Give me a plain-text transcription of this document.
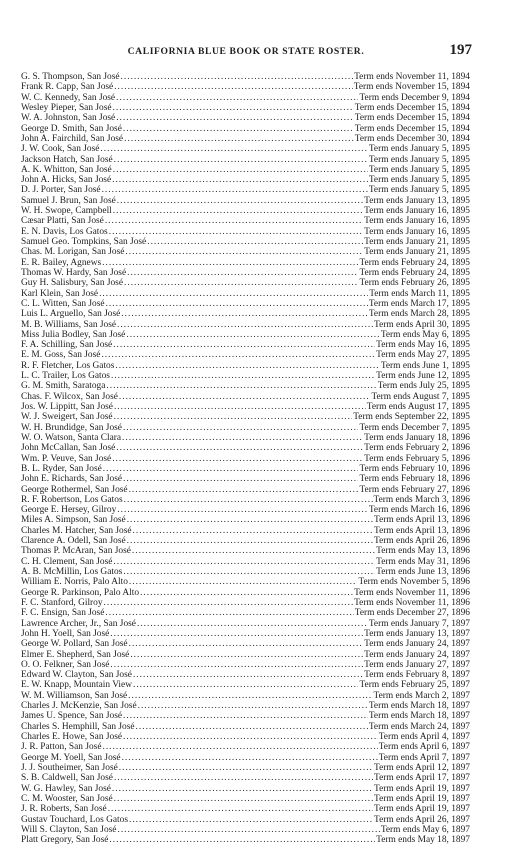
CALIFORNIA BLUE BOOK OR STATE ROSTER.	197
G. S. Thompson, San José .....	Term ends November 11, 1894
Frank R. Capp, San José .....	Term ends November 15, 1894
W. C. Kennedy, San José .....	Term ends December 9, 1894
Wesley Pieper, San José .....	Term ends December 15, 1894
W. A. Johnston, San José .....	Term ends December 15, 1894
George D. Smith, San José .....	Term ends December 15, 1894
John A. Fairchild, San José .....	Term ends December 30, 1894
J. W. Cook, San José .....	Term ends January 5, 1895
Jackson Hatch, San José .....	Term ends January 5, 1895
A. K. Whitton, San José .....	Term ends January 5, 1895
John A. Hicks, San José .....	Term ends January 5, 1895
D. J. Porter, San José .....	Term ends January 5, 1895
Samuel J. Brun, San José .....	Term ends January 13, 1895
W. H. Swope, Campbell .....	Term ends January 16, 1895
Cæsar Platti, San José .....	Term ends January 16, 1895
E. N. Davis, Los Gatos .....	Term ends January 16, 1895
Samuel Geo. Tompkins, San José .....	Term ends January 21, 1895
Chas. M. Lorigan, San José .....	Term ends January 21, 1895
E. R. Bailey, Agnews .....	Term ends February 24, 1895
Thomas W. Hardy, San José .....	Term ends February 24, 1895
Guy H. Salisbury, San José .....	Term ends February 26, 1895
Karl Klein, San José .....	Term ends March 11, 1895
C. L. Witten, San José .....	Term ends March 17, 1895
Luis L. Arguello, San José .....	Term ends March 28, 1895
M. B. Williams, San José .....	Term ends April 30, 1895
Miss Julia Bodley, San José .....	Term ends May 6, 1895
F. A. Schilling, San José .....	Term ends May 16, 1895
E. M. Goss, San José .....	Term ends May 27, 1895
R. F. Fletcher, Los Gatos .....	Term ends June 1, 1895
L. C. Trailer, Los Gatos .....	Term ends June 12, 1895
G. M. Smith, Saratoga .....	Term ends July 25, 1895
Chas. F. Wilcox, San José .....	Term ends August 7, 1895
Jos. W. Lippitt, San José .....	Term ends August 17, 1895
W. J. Sweigert, San José .....	Term ends September 22, 1895
W. H. Brundidge, San José .....	Term ends December 7, 1895
W. O. Watson, Santa Clara .....	Term ends January 18, 1896
John McCallan, San José .....	Term ends February 2, 1896
Wm. P. Veuve, San José .....	Term ends February 5, 1896
B. L. Ryder, San José .....	Term ends February 10, 1896
John E. Richards, San José .....	Term ends February 18, 1896
George Rothermel, San José .....	Term ends February 27, 1896
R. F. Robertson, Los Gatos .....	Term ends March 3, 1896
George E. Hersey, Gilroy .....	Term ends March 16, 1896
Miles A. Simpson, San José .....	Term ends April 13, 1896
Charles M. Hatcher, San José .....	Term ends April 13, 1896
Clarence A. Odell, San José .....	Term ends April 26, 1896
Thomas P. McAran, San José .....	Term ends May 13, 1896
C. H. Clement, San José .....	Term ends May 31, 1896
A. B. McMillin, Los Gatos .....	Term ends June 13, 1896
William E. Norris, Palo Alto .....	Term ends November 5, 1896
George R. Parkinson, Palo Alto .....	Term ends November 11, 1896
F. C. Stanford, Gilroy .....	Term ends November 11, 1896
F. C. Ensign, San José .....	Term ends December 27, 1896
Lawrence Archer, Jr., San José .....	Term ends January 7, 1897
John H. Yoell, San José .....	Term ends January 13, 1897
George W. Pollard, San José .....	Term ends January 24, 1897
Elmer E. Shepherd, San José .....	Term ends January 24, 1897
O. O. Felkner, San José .....	Term ends January 27, 1897
Edward W. Clayton, San José .....	Term ends February 8, 1897
E. W. Knapp, Mountain View .....	Term ends February 25, 1897
W. M. Williamson, San José .....	Term ends March 2, 1897
Charles J. McKenzie, San José .....	Term ends March 18, 1897
James U. Spence, San José .....	Term ends March 18, 1897
Charles S. Hemphill, San José .....	Term ends March 24, 1897
Charles E. Howe, San José .....	Term ends April 4, 1897
J. R. Patton, San José .....	Term ends April 6, 1897
George M. Yoell, San José .....	Term ends April 7, 1897
J. J. Southeimer, San José .....	Term ends April 12, 1897
S. B. Caldwell, San José .....	Term ends April 17, 1897
W. G. Hawley, San José .....	Term ends April 19, 1897
C. M. Wooster, San José .....	Term ends April 19, 1897
J. R. Roberts, San José .....	Term ends April 19, 1897
Gustav Touchard, Los Gatos .....	Term ends April 26, 1897
Will S. Clayton, San José .....	Term ends May 6, 1897
Platt Gregory, San José .....	Term ends May 18, 1897
